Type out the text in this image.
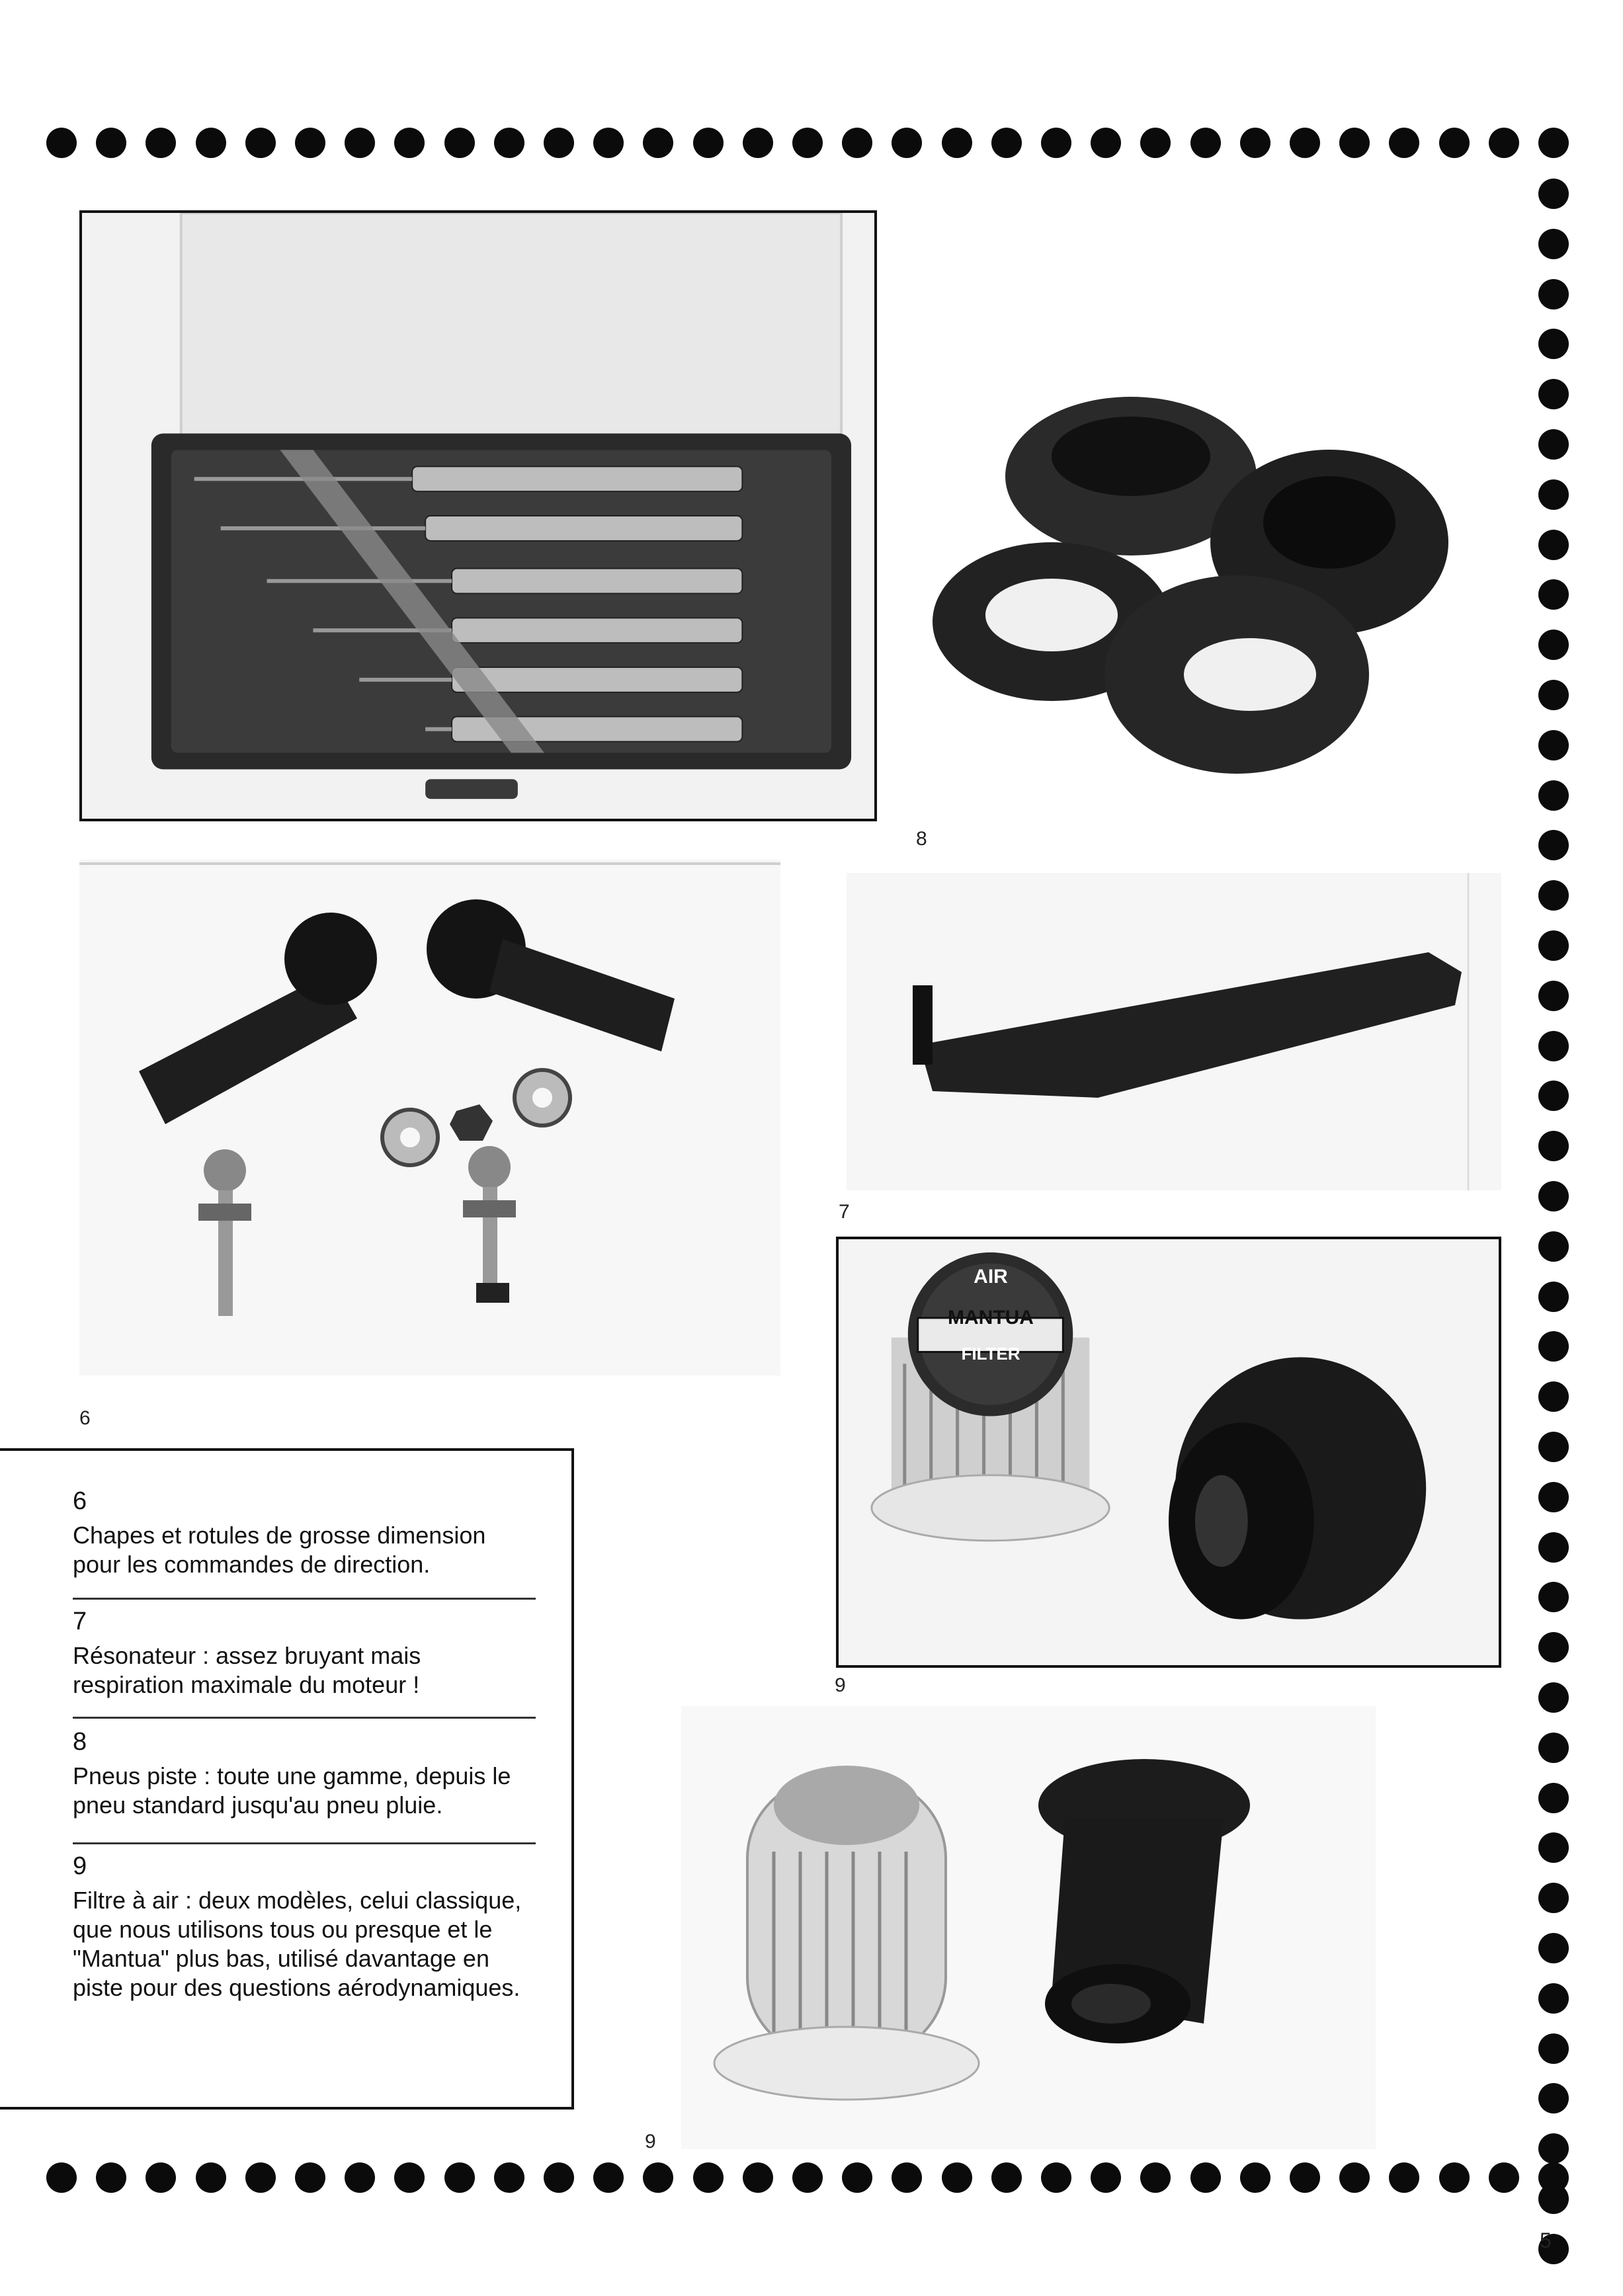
8
6
7
AIR
MANTUA
FILTER
9
9
6
Chapes et rotules de grosse dimension pour les commandes de direction.
7
Résonateur : assez bruyant mais respiration maximale du moteur !
8
Pneus piste : toute une gamme, depuis le pneu standard jusqu'au pneu pluie.
9
Filtre à air : deux modèles, celui classique, que nous utilisons tous ou presque et le "Mantua" plus bas, utilisé davantage en piste pour des questions aérodynamiques.
5
